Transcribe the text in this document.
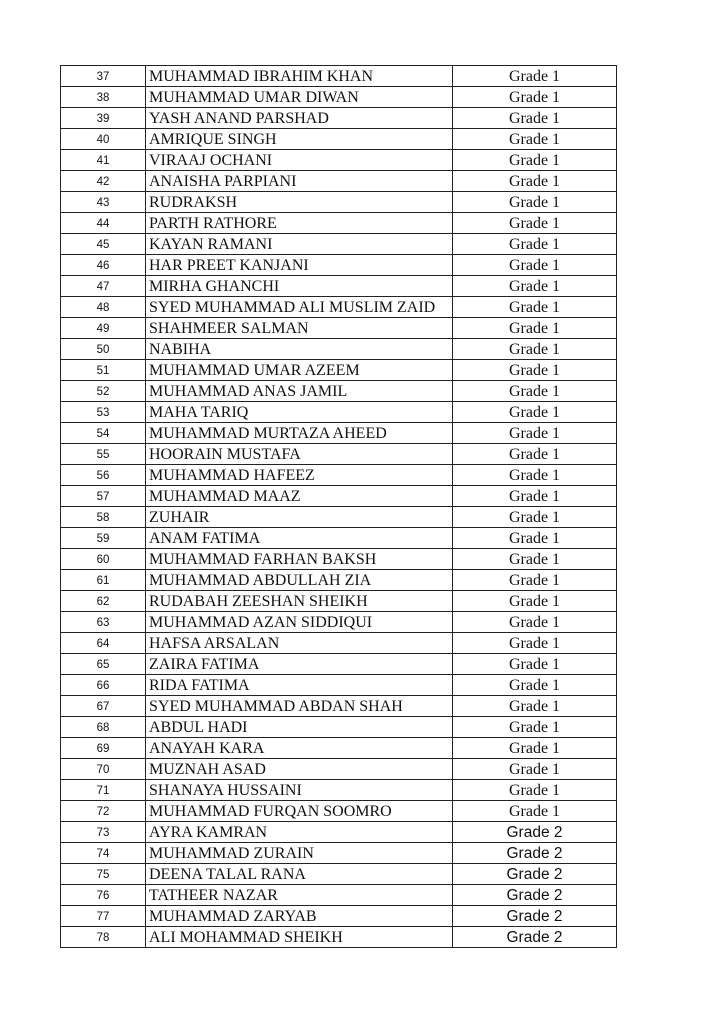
37	MUHAMMAD IBRAHIM KHAN	Grade 1
38	MUHAMMAD UMAR DIWAN	Grade 1
39	YASH ANAND PARSHAD	Grade 1
40	AMRIQUE SINGH	Grade 1
41	VIRAAJ OCHANI	Grade 1
42	ANAISHA PARPIANI	Grade 1
43	RUDRAKSH	Grade 1
44	PARTH RATHORE	Grade 1
45	KAYAN RAMANI	Grade 1
46	HAR PREET KANJANI	Grade 1
47	MIRHA GHANCHI	Grade 1
48	SYED MUHAMMAD ALI MUSLIM ZAID	Grade 1
49	SHAHMEER SALMAN	Grade 1
50	NABIHA	Grade 1
51	MUHAMMAD UMAR AZEEM	Grade 1
52	MUHAMMAD ANAS JAMIL	Grade 1
53	MAHA TARIQ	Grade 1
54	MUHAMMAD MURTAZA AHEED	Grade 1
55	HOORAIN MUSTAFA	Grade 1
56	MUHAMMAD HAFEEZ	Grade 1
57	MUHAMMAD MAAZ	Grade 1
58	ZUHAIR	Grade 1
59	ANAM FATIMA	Grade 1
60	MUHAMMAD FARHAN BAKSH	Grade 1
61	MUHAMMAD ABDULLAH ZIA	Grade 1
62	RUDABAH ZEESHAN SHEIKH	Grade 1
63	MUHAMMAD AZAN SIDDIQUI	Grade 1
64	HAFSA ARSALAN	Grade 1
65	ZAIRA FATIMA	Grade 1
66	RIDA FATIMA	Grade 1
67	SYED MUHAMMAD ABDAN SHAH	Grade 1
68	ABDUL HADI	Grade 1
69	ANAYAH KARA	Grade 1
70	MUZNAH ASAD	Grade 1
71	SHANAYA HUSSAINI	Grade 1
72	MUHAMMAD FURQAN SOOMRO	Grade 1
73	AYRA KAMRAN	Grade 2
74	MUHAMMAD ZURAIN	Grade 2
75	DEENA TALAL RANA	Grade 2
76	TATHEER NAZAR	Grade 2
77	MUHAMMAD ZARYAB	Grade 2
78	ALI MOHAMMAD SHEIKH	Grade 2
